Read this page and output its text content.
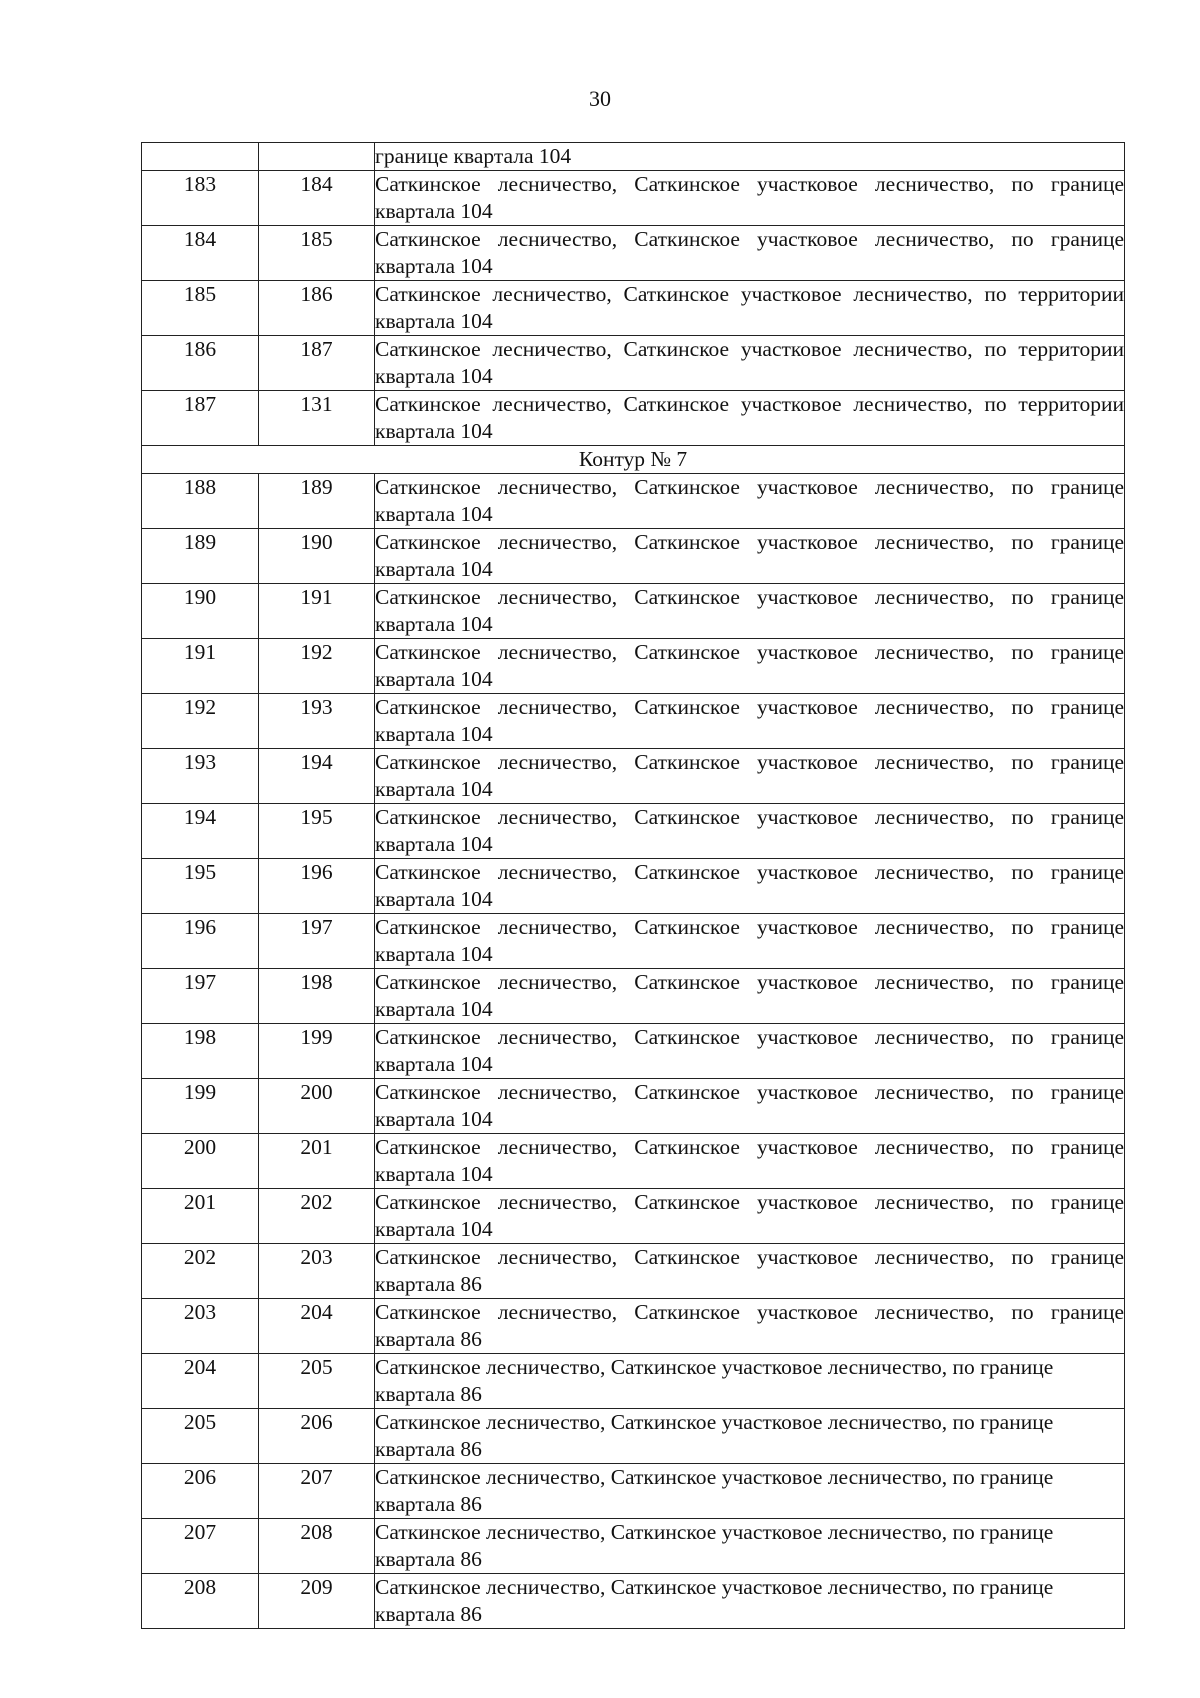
30
		границе квартала 104
183	184	Саткинское лесничество, Саткинское участковое лесничество, по границе квартала 104
184	185	Саткинское лесничество, Саткинское участковое лесничество, по границе квартала 104
185	186	Саткинское лесничество, Саткинское участковое лесничество, по территории квартала 104
186	187	Саткинское лесничество, Саткинское участковое лесничество, по территории квартала 104
187	131	Саткинское лесничество, Саткинское участковое лесничество, по территории квартала 104
Контур № 7		
188	189	Саткинское лесничество, Саткинское участковое лесничество, по границе квартала 104
189	190	Саткинское лесничество, Саткинское участковое лесничество, по границе квартала 104
190	191	Саткинское лесничество, Саткинское участковое лесничество, по границе квартала 104
191	192	Саткинское лесничество, Саткинское участковое лесничество, по границе квартала 104
192	193	Саткинское лесничество, Саткинское участковое лесничество, по границе квартала 104
193	194	Саткинское лесничество, Саткинское участковое лесничество, по границе квартала 104
194	195	Саткинское лесничество, Саткинское участковое лесничество, по границе квартала 104
195	196	Саткинское лесничество, Саткинское участковое лесничество, по границе квартала 104
196	197	Саткинское лесничество, Саткинское участковое лесничество, по границе квартала 104
197	198	Саткинское лесничество, Саткинское участковое лесничество, по границе квартала 104
198	199	Саткинское лесничество, Саткинское участковое лесничество, по границе квартала 104
199	200	Саткинское лесничество, Саткинское участковое лесничество, по границе квартала 104
200	201	Саткинское лесничество, Саткинское участковое лесничество, по границе квартала 104
201	202	Саткинское лесничество, Саткинское участковое лесничество, по границе квартала 104
202	203	Саткинское лесничество, Саткинское участковое лесничество, по границе квартала 86
203	204	Саткинское лесничество, Саткинское участковое лесничество, по границе квартала 86
204	205	Саткинское лесничество, Саткинское участковое лесничество, по границе квартала 86
205	206	Саткинское лесничество, Саткинское участковое лесничество, по границе квартала 86
206	207	Саткинское лесничество, Саткинское участковое лесничество, по границе квартала 86
207	208	Саткинское лесничество, Саткинское участковое лесничество, по границе квартала 86
208	209	Саткинское лесничество, Саткинское участковое лесничество, по границе квартала 86
